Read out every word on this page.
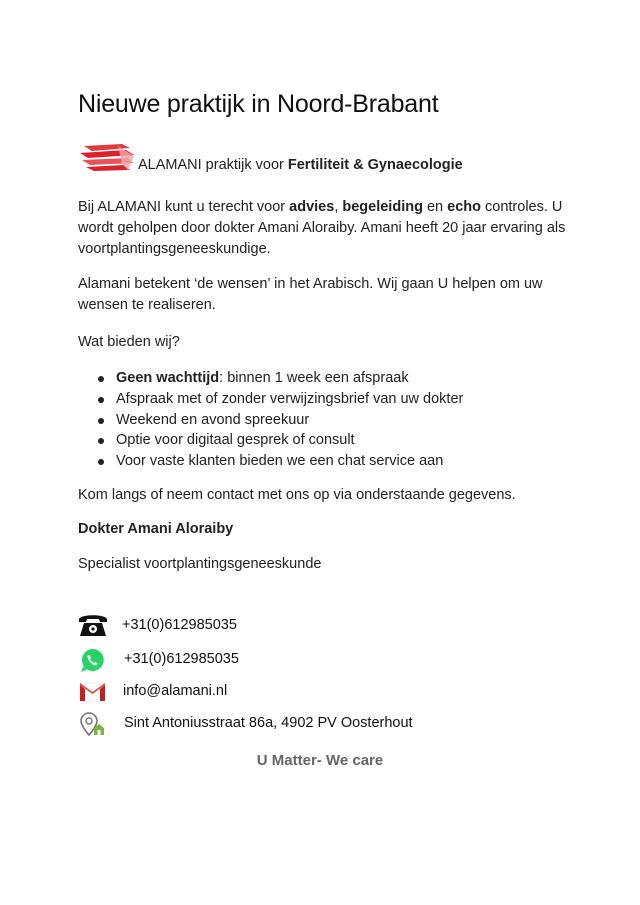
Nieuwe praktijk in Noord-Brabant
ALAMANI praktijk voor Fertiliteit & Gynaecologie

Bij ALAMANI kunt u terecht voor advies, begeleiding en echo controles. U wordt geholpen door dokter Amani Aloraiby. Amani heeft 20 jaar ervaring als voortplantingsgeneeskundige.

Alamani betekent ‘de wensen’ in het Arabisch. Wij gaan U helpen om uw wensen te realiseren.

Wat bieden wij?

Geen wachttijd: binnen 1 week een afspraak
Afspraak met of zonder verwijzingsbrief van uw dokter
Weekend en avond spreekuur
Optie voor digitaal gesprek of consult
Voor vaste klanten bieden we een chat service aan

Kom langs of neem contact met ons op via onderstaande gegevens.

Dokter Amani Aloraiby

Specialist voortplantingsgeneeskunde

+31(0)612985035
+31(0)612985035
info@alamani.nl
Sint Antoniusstraat 86a, 4902 PV Oosterhout
U Matter- We care
